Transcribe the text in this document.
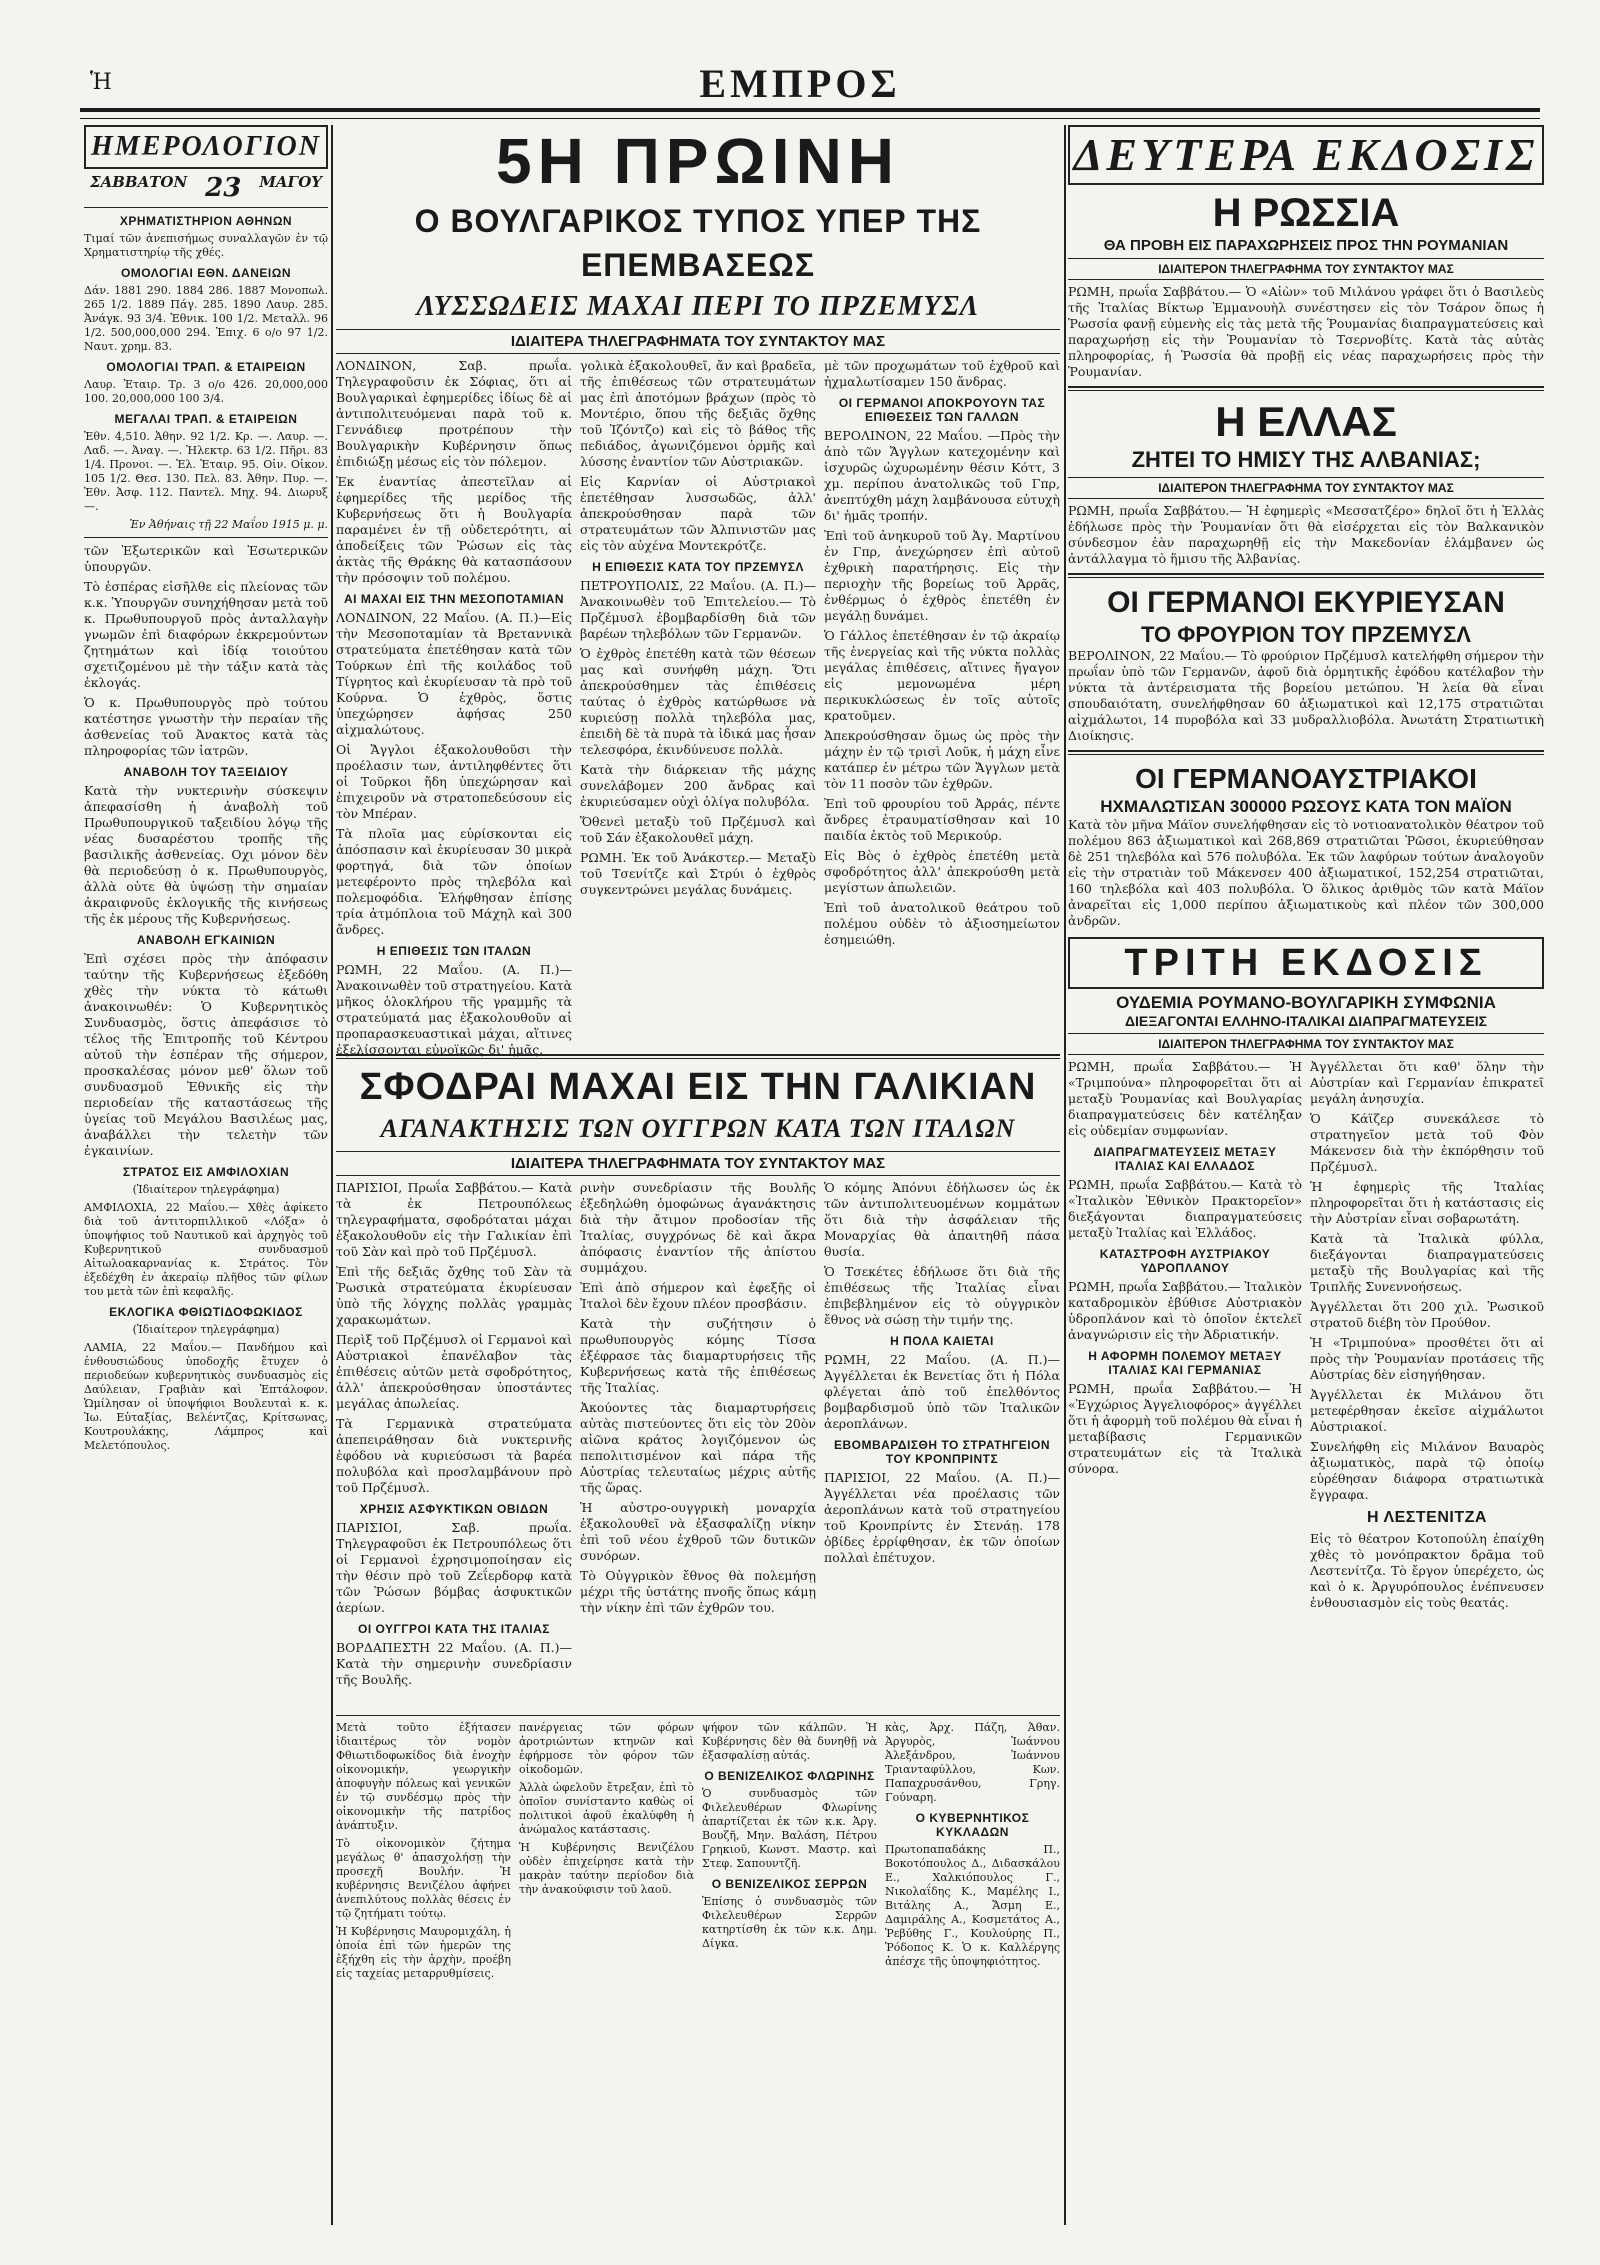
Ἡ	ΕΜΠΡΟΣ
ΗΜΕΡΟΛΟΓΙΟΝ
ΣΑΒΒΑΤΟΝ 23 ΜΑΓΟΥ
ΧΡΗΜΑΤΙΣΤΗΡΙΟΝ ΑΘΗΝΩΝ

Τιμαί τῶν ἀνεπισήμως συναλλαγῶν ἐν τῷ Χρηματιστηρίῳ τῆς χθές.

ΟΜΟΛΟΓΙΑΙ ΕΘΝ. ΔΑΝΕΙΩΝ

Δάν. 1881 290. 1884 286. 1887 Μονοπωλ. 265 1/2. 1889 Πάγ. 285. 1890 Λαυρ. 285. Ἀνάγκ. 93 3/4. Ἐθνικ. 100 1/2. Μεταλλ. 96 1/2. 500,000,000 294. Ἐπιχ. 6 ο/ο 97 1/2. Ναυτ. χρημ. 83.

ΟΜΟΛΟΓΙΑΙ ΤΡΑΠ. & ΕΤΑΙΡΕΙΩΝ

Λαυρ. Ἑταιρ. Τρ. 3 ο/ο 426. 20,000,000 100. 20,000,000 100 3/4.

ΜΕΓΑΛΑΙ ΤΡΑΠ. & ΕΤΑΙΡΕΙΩΝ

Ἐθν. 4,510. Ἀθην. 92 1/2. Κρ. —. Λαυρ. —. Λαδ. —. Ἀναγ. —. Ἠλεκτρ. 63 1/2. Πῆρι. 83 1/4. Προνοι. —. Ἐλ. Ἑταιρ. 95. Οἰν. Οἰκον. 105 1/2. Θεσ. 130. Πελ. 83. Ἀθην. Πυρ. —. Ἐθν. Ἀσφ. 112. Παντελ. Μηχ. 94. Διωρυξ —.

Ἐν Ἀθήναις τῇ 22 Μαΐου 1915 μ. μ.

τῶν Ἐξωτερικῶν καὶ Ἐσωτερικῶν ὑπουργῶν.

Τὸ ἐσπέρας εἰσῆλθε εἰς πλείονας τῶν κ.κ. Ὑπουργῶν συνηχήθησαν μετὰ τοῦ κ. Πρωθυπουργοῦ πρὸς ἀνταλλαγὴν γνωμῶν ἐπὶ διαφόρων ἐκκρεμούντων ζητημάτων καὶ ἰδίᾳ τοιούτου σχετιζομένου μὲ τὴν τάξιν κατὰ τὰς ἐκλογάς.

Ὁ κ. Πρωθυπουργὸς πρὸ τούτου κατέστησε γνωστὴν τὴν περαίαν τῆς ἀσθενείας τοῦ Ἀνακτος κατὰ τὰς πληροφορίας τῶν ἰατρῶν.

ΑΝΑΒΟΛΗ ΤΟΥ ΤΑΞΕΙΔΙΟΥ

Κατὰ τὴν νυκτερινὴν σύσκεψιν ἀπεφασίσθη ἡ ἀναβολὴ τοῦ Πρωθυπουργικοῦ ταξειδίου λόγῳ τῆς νέας δυσαρέστου τροπῆς τῆς βασιλικῆς ἀσθενείας. Οχι μόνον δὲν θὰ περιοδεύσῃ ὁ κ. Πρωθυπουργὸς, ἀλλὰ οὐτε θὰ ὑψώσῃ τὴν σημαίαν ἀκραιφνοῦς ἐκλογικῆς τῆς κινήσεως τῆς ἐκ μέρους τῆς Κυβερνήσεως.

ΑΝΑΒΟΛΗ ΕΓΚΑΙΝΙΩΝ

Ἐπὶ σχέσει πρὸς τὴν ἀπόφασιν ταύτην τῆς Κυβερνήσεως ἐξεδόθη χθὲς τὴν νύκτα τὸ κάτωθι ἀνακοινωθέν: Ὁ Κυβερνητικὸς Συνδυασμὸς, ὅστις ἀπεφάσισε τὸ τέλος τῆς Ἐπιτροπῆς τοῦ Κέντρου αὐτοῦ τὴν ἑσπέραν τῆς σήμερον, προσκαλέσας μόνον μεθ' ὅλων τοῦ συνδυασμοῦ Ἐθνικῆς εἰς τὴν περιοδείαν τῆς καταστάσεως τῆς ὑγείας τοῦ Μεγάλου Βασιλέως μας, ἀναβάλλει τὴν τελετὴν τῶν ἐγκαινίων.

ΣΤΡΑΤΟΣ ΕΙΣ ΑΜΦΙΛΟΧΙΑΝ
(Ἰδιαίτερον τηλεγράφημα)

ΑΜΦΙΛΟΧΙΑ, 22 Μαΐου.— Χθὲς ἀφίκετο διὰ τοῦ ἀντιτορπιλλικοῦ «Λόξα» ὁ ὑποψήφιος τοῦ Ναυτικοῦ καὶ ἀρχηγὸς τοῦ Κυβερνητικοῦ συνδυασμοῦ Αἰτωλοακαρνανίας κ. Στράτος. Τὸν ἐξεδέχθη ἐν ἀκεραίῳ πλῆθος τῶν φίλων του μετὰ τῶν ἐπὶ κεφαλῆς.

ΕΚΛΟΓΙΚΑ ΦΘΙΩΤΙΔΟΦΩΚΙΔΟΣ
(Ἰδιαίτερον τηλεγράφημα)

ΛΑΜΙΑ, 22 Μαΐου.— Πανδήμου καὶ ἐνθουσιώδους ὑποδοχῆς ἔτυχεν ὁ περιοδεύων κυβερνητικὸς συνδυασμὸς εἰς Δαύλειαν, Γραβιὰν καὶ Ἐπτάλοφον. Ὡμίλησαν οἱ ὑποψήφιοι Βουλευταὶ κ. κ. Ἰω. Εὐταξίας, Βελέντζας, Κρίτσωνας, Κουτρουλάκης, Λάμπρος καὶ Μελετόπουλος.

5Η ΠΡΩΙΝΗ
Ο ΒΟΥΛΓΑΡΙΚΟΣ ΤΥΠΟΣ ΥΠΕΡ ΤΗΣ ΕΠΕΜΒΑΣΕΩΣ
ΛΥΣΣΩΔΕΙΣ ΜΑΧΑΙ ΠΕΡΙ ΤΟ ΠΡΖΕΜΥΣΛ
ΙΔΙΑΙΤΕΡΑ ΤΗΛΕΓΡΑΦΗΜΑΤΑ ΤΟΥ ΣΥΝΤΑΚΤΟΥ ΜΑΣ

ΛΟΝΔΙΝΟΝ, Σαβ. πρωΐα. Τηλεγραφοῦσιν ἐκ Σόφιας, ὅτι αἱ Βουλγαρικαὶ ἐφημερίδες ἰδίως δὲ αἱ ἀντιπολιτευόμεναι παρὰ τοῦ κ. Γεννάδιεφ προτρέπουν τὴν Βουλγαρικὴν Κυβέρνησιν ὅπως ἐπιδιώξῃ μέσως εἰς τὸν πόλεμον.

Ἐκ ἐναντίας ἀπεστεῖλαν αἱ ἐφημερίδες τῆς μερίδος τῆς Κυβερνήσεως ὅτι ἡ Βουλγαρία παραμένει ἐν τῇ οὐδετερότητι, αἱ ἀποδείξεις τῶν Ῥώσων εἰς τὰς ἀκτὰς τῆς Θράκης θὰ κατασπάσουν τὴν πρόσοψιν τοῦ πολέμου.

ΑΙ ΜΑΧΑΙ ΕΙΣ ΤΗΝ ΜΕΣΟΠΟΤΑΜΙΑΝ

ΛΟΝΔΙΝΟΝ, 22 Μαΐου. (Α. Π.)—Εἰς τὴν Μεσοποταμίαν τὰ Βρεταννικὰ στρατεύματα ἐπετέθησαν κατὰ τῶν Τούρκων ἐπὶ τῆς κοιλάδος τοῦ Τίγρητος καὶ ἐκυρίευσαν τὰ πρὸ τοῦ Κούρνα. Ὁ ἐχθρὸς, ὅστις ὑπεχώρησεν ἀφήσας 250 αἰχμαλώτους.

Οἱ Ἄγγλοι ἐξακολουθοῦσι τὴν προέλασιν των, ἀντιληφθέντες ὅτι οἱ Τοῦρκοι ἤδη ὑπεχώρησαν καὶ ἐπιχειροῦν νὰ στρατοπεδεύσουν εἰς τὸν Μπέραν.

Τὰ πλοῖα μας εὑρίσκονται εἰς ἀπόσπασιν καὶ ἐκυρίευσαν 30 μικρὰ φορτηγά, διὰ τῶν ὁποίων μετεφέροντο πρὸς τηλεβόλα καὶ πολεμοφόδια. Ἐλήφθησαν ἐπίσης τρία ἀτμόπλοια τοῦ Μάχηλ καὶ 300 ἄνδρες.

Η ΕΠΙΘΕΣΙΣ ΤΩΝ ΙΤΑΛΩΝ

ΡΩΜΗ, 22 Μαΐου. (Α. Π.)—Ἀνακοινωθὲν τοῦ στρατηγείου. Κατὰ μῆκος ὁλοκλήρου τῆς γραμμῆς τὰ στρατεύματά μας ἐξακολουθοῦν αἱ προπαρασκευαστικαὶ μάχαι, αἵτινες ἐξελίσσονται εὐνοϊκῶς δι' ἡμᾶς.

γολικὰ ἐξακολουθεῖ, ἄν καὶ βραδεῖα, τῆς ἐπιθέσεως τῶν στρατευμάτων μας ἐπὶ ἀποτόμων βράχων (πρὸς τὸ Μοντέριο, ὅπου τῆς δεξιᾶς ὄχθης τοῦ Ἰζόντζο) καὶ εἰς τὸ βάθος τῆς πεδιάδος, ἀγωνιζόμενοι ὁρμῆς καὶ λύσσης ἐναντίον τῶν Αὐστριακῶν.

Εἰς Καρνίαν οἱ Αὐστριακοὶ ἐπετέθησαν λυσσωδῶς, ἀλλ' ἀπεκρούσθησαν παρὰ τῶν στρατευμάτων τῶν Ἀλπινιστῶν μας εἰς τὸν αὐχένα Μοντεκρότζε.

Η ΕΠΙΘΕΣΙΣ ΚΑΤΑ ΤΟΥ ΠΡΖΕΜΥΣΛ

ΠΕΤΡΟΥΠΟΛΙΣ, 22 Μαΐου. (Α. Π.)—Ἀνακοινωθὲν τοῦ Ἐπιτελείου.— Τὸ Πρζέμυσλ ἐβομβαρδίσθη διὰ τῶν βαρέων τηλεβόλων τῶν Γερμανῶν.

Ὁ ἐχθρὸς ἐπετέθη κατὰ τῶν θέσεων μας καὶ συνήφθη μάχη. Ὅτι ἀπεκρούσθημεν τὰς ἐπιθέσεις ταύτας ὁ ἐχθρὸς κατώρθωσε νὰ κυριεύσῃ πολλὰ τηλεβόλα μας, ἐπειδὴ δὲ τὰ πυρὰ τὰ ἰδικά μας ἦσαν τελεσφόρα, ἐκινδύνευσε πολλὰ.

Κατὰ τὴν διάρκειαν τῆς μάχης συνελάβομεν 200 ἄνδρας καὶ ἐκυριεύσαμεν οὐχὶ ὀλίγα πολυβόλα.

Ὅθενεὶ μεταξὺ τοῦ Πρζέμυσλ καὶ τοῦ Σάν ἐξακολουθεῖ μάχη.

ΡΩΜΗ. Ἐκ τοῦ Ἀνάκστερ.— Μεταξὺ τοῦ Τσενίτζε καὶ Στρύι ὁ ἐχθρὸς συγκεντρώνει μεγάλας δυνάμεις.

μὲ τῶν προχωμάτων τοῦ ἐχθροῦ καὶ ἠχμαλωτίσαμεν 150 ἄνδρας.

ΟΙ ΓΕΡΜΑΝΟΙ ΑΠΟΚΡΟΥΟΥΝ ΤΑΣ ΕΠΙΘΕΣΕΙΣ ΤΩΝ ΓΑΛΛΩΝ

ΒΕΡΟΛΙΝΟΝ, 22 Μαΐου. —Πρὸς τὴν ἀπὸ τῶν Ἄγγλων κατεχομένην καὶ ἰσχυρῶς ὠχυρωμένην θέσιν Κόττ, 3 χμ. περίπου ἀνατολικῶς τοῦ Γπρ, ἀνεπτύχθη μάχη λαμβάνουσα εὐτυχὴ δι' ἡμᾶς τροπήν.

Ἐπὶ τοῦ ἀνηκυροῦ τοῦ Ἀγ. Μαρτίνου ἐν Γπρ, ἀνεχώρησεν ἐπὶ αὐτοῦ ἐχθρικὴ παρατήρησις. Εἰς τὴν περιοχὴν τῆς βορείως τοῦ Ἀρρᾶς, ἐνθέρμως ὁ ἐχθρὸς ἐπετέθη ἐν μεγάλῃ δυνάμει.

Ὁ Γάλλος ἐπετέθησαν ἐν τῷ ἀκραίῳ τῆς ἐνεργείας καὶ τῆς νύκτα πολλὰς μεγάλας ἐπιθέσεις, αἵτινες ἤγαγον εἰς μεμονωμένα μέρη περικυκλώσεως ἐν τοῖς αὐτοῖς κρατοῦμεν.

Ἀπεκρούσθησαν ὅμως ὡς πρὸς τὴν μάχην ἐν τῷ τρισὶ Λοῦκ, ἡ μάχη εἶνε κατάπερ ἐν μέτρω τῶν Ἄγγλων μετὰ τὸν 11 ποσὸν τῶν ἐχθρῶν.

Ἐπὶ τοῦ φρουρίου τοῦ Ἀρράς, πέντε ἄνδρες ἐτραυματίσθησαν καὶ 10 παιδία ἐκτὸς τοῦ Μερικούρ.

Εἰς Βὸς ὁ ἐχθρὸς ἐπετέθη μετὰ σφοδρότητος ἀλλ' ἀπεκρούσθη μετὰ μεγίστων ἀπωλειῶν.

Ἐπὶ τοῦ ἀνατολικοῦ θεάτρου τοῦ πολέμου οὐδὲν τὸ ἀξιοσημείωτον ἐσημειώθη.

ΣΦΟΔΡΑΙ ΜΑΧΑΙ ΕΙΣ ΤΗΝ ΓΑΛΙΚΙΑΝ
ΑΓΑΝΑΚΤΗΣΙΣ ΤΩΝ ΟΥΓΓΡΩΝ ΚΑΤΑ ΤΩΝ ΙΤΑΛΩΝ
ΙΔΙΑΙΤΕΡΑ ΤΗΛΕΓΡΑΦΗΜΑΤΑ ΤΟΥ ΣΥΝΤΑΚΤΟΥ ΜΑΣ

ΠΑΡΙΣΙΟΙ, Πρωΐα Σαββάτου.— Κατὰ τὰ ἐκ Πετρουπόλεως τηλεγραφήματα, σφοδρόταται μάχαι ἐξακολουθοῦν εἰς τὴν Γαλικίαν ἐπὶ τοῦ Σὰν καὶ πρὸ τοῦ Πρζέμυσλ.

Ἐπὶ τῆς δεξιᾶς ὄχθης τοῦ Σὰν τὰ Ῥωσικὰ στρατεύματα ἐκυρίευσαν ὑπὸ τῆς λόγχης πολλὰς γραμμὰς χαρακωμάτων.

Περὶξ τοῦ Πρζέμυσλ οἱ Γερμανοὶ καὶ Αὐστριακοὶ ἐπανέλαβον τὰς ἐπιθέσεις αὐτῶν μετὰ σφοδρότητος, ἀλλ' ἀπεκρούσθησαν ὑποστάντες μεγάλας ἀπωλείας.

Τὰ Γερμανικὰ στρατεύματα ἀπεπειράθησαν διὰ νυκτερινῆς ἐφόδου νὰ κυριεύσωσι τὰ βαρέα πολυβόλα καὶ προσλαμβάνουν πρὸ τοῦ Πρζέμυσλ.

ΧΡΗΣΙΣ ΑΣΦΥΚΤΙΚΩΝ ΟΒΙΔΩΝ

ΠΑΡΙΣΙΟΙ, Σαβ. πρωΐα. Τηλεγραφοῦσι ἐκ Πετρουπόλεως ὅτι οἱ Γερμανοὶ ἐχρησιμοποίησαν εἰς τὴν θέσιν πρὸ τοῦ Ζεΐερδορφ κατὰ τῶν Ῥώσων βόμβας ἀσφυκτικῶν ἀερίων.

ΟΙ ΟΥΓΓΡΟΙ ΚΑΤΑ ΤΗΣ ΙΤΑΛΙΑΣ

ΒΟΡΔΑΠΕΣΤΗ 22 Μαΐου. (Α. Π.)—Κατὰ τὴν σημερινὴν συνεδρίασιν τῆς Βουλῆς.

ρινὴν συνεδρίασιν τῆς Βουλῆς ἐξεδηλώθη ὁμοφώνως ἀγανάκτησις διὰ τὴν ἄτιμον προδοσίαν τῆς Ἰταλίας, συγχρόνως δὲ καὶ ἄκρα ἀπόφασις ἐναντίον τῆς ἀπίστου συμμάχου.

Ἐπὶ ἀπὸ σήμερον καὶ ἐφεξῆς οἱ Ἰταλοὶ δὲν ἔχουν πλέον προσβάσιν.

Κατὰ τὴν συζήτησιν ὁ πρωθυπουργὸς κόμης Τίσσα ἐξέφρασε τὰς διαμαρτυρήσεις τῆς Κυβερνήσεως κατὰ τῆς ἐπιθέσεως τῆς Ἰταλίας.

Ἀκούοντες τὰς διαμαρτυρήσεις αὐτὰς πιστεύοντες ὅτι εἰς τὸν 20ὸν αἰῶνα κράτος λογιζόμενον ὡς πεπολιτισμένον καὶ πάρα τῆς Αὐστρίας τελευταίως μέχρις αὐτῆς τῆς ὥρας.

Ἡ αὐστρο-ουγγρικὴ μοναρχία ἐξακολουθεῖ νὰ ἐξασφαλίζῃ νίκην ἐπὶ τοῦ νέου ἐχθροῦ τῶν δυτικῶν συνόρων.

Τὸ Οὐγγρικὸν ἔθνος θὰ πολεμήσῃ μέχρι τῆς ὑστάτης πνοῆς ὅπως κάμῃ τὴν νίκην ἐπὶ τῶν ἐχθρῶν του.

Ὁ κόμης Ἀπόνυι ἐδήλωσεν ὡς ἐκ τῶν ἀντιπολιτευομένων κομμάτων ὅτι διὰ τὴν ἀσφάλειαν τῆς Μοναρχίας θὰ ἀπαιτηθῆ πάσα θυσία.

Ὁ Τσεκέτες ἐδήλωσε ὅτι διὰ τῆς ἐπιθέσεως τῆς Ἰταλίας εἶναι ἐπιβεβλημένον εἰς τὸ οὐγγρικὸν ἔθνος νὰ σώσῃ τὴν τιμήν της.

Η ΠΟΛΑ ΚΑΙΕΤΑΙ

ΡΩΜΗ, 22 Μαΐου. (Α. Π.)—Ἀγγέλλεται ἐκ Βενετίας ὅτι ἡ Πόλα φλέγεται ἀπὸ τοῦ ἐπελθόντος βομβαρδισμοῦ ὑπὸ τῶν Ἰταλικῶν ἀεροπλάνων.

ΕΒΟΜΒΑΡΔΙΣΘΗ ΤΟ ΣΤΡΑΤΗΓΕΙΟΝ ΤΟΥ ΚΡΟΝΠΡΙΝΤΣ

ΠΑΡΙΣΙΟΙ, 22 Μαΐου. (Α. Π.)—Ἀγγέλλεται νέα προέλασις τῶν ἀεροπλάνων κατὰ τοῦ στρατηγείου τοῦ Κρονπρίντς ἐν Στενάῃ. 178 ὀβίδες ἐρρίφθησαν, ἐκ τῶν ὁποίων πολλαὶ ἐπέτυχον.

Μετὰ τοῦτο ἐξήτασεν ἰδιαιτέρως τὸν νομὸν Φθιωτιδοφωκίδος διὰ ἐνοχὴν οἰκονομικήν, γεωργικὴν ἀποφυγὴν πόλεως καὶ γενικῶν ἐν τῷ συνδέσμῳ πρὸς τὴν οἰκονομικὴν τῆς πατρίδος ἀνάπτυξιν.

Τὸ οἰκονομικὸν ζήτημα μεγάλως θ' ἀπασχολήσῃ τὴν προσεχῆ Βουλήν. Ἡ κυβέρνησις Βενιζέλου ἀφήνει ἀνεπιλύτους πολλὰς θέσεις ἐν τῷ ζητήματι τούτῳ.

Ἡ Κυβέρνησις Μαυρομιχάλη, ἡ ὁποία ἐπὶ τῶν ἡμερῶν της ἐξήχθη εἰς τὴν ἀρχὴν, προέβη εἰς ταχείας μεταρρυθμίσεις.

πανέργειας τῶν φόρων ἀροτριώντων κτηνῶν καὶ ἐφήρμοσε τὸν φόρον τῶν οἰκοδομῶν.

Ἀλλὰ ὠφελοῦν ἔτρεξαν, ἐπὶ τὸ ὁποῖον συνίσταντο καθὼς οἱ πολιτικοὶ ἀφοῦ ἐκαλύφθη ἡ ἀνώμαλος κατάστασις.

Ἡ Κυβέρνησις Βενιζέλου οὐδὲν ἐπιχείρησε κατὰ τὴν μακρὰν ταύτην περίοδον διὰ τὴν ἀνακούφισιν τοῦ λαοῦ.

ψήφον τῶν κάλπῶν. Ἡ Κυβέρνησις δὲν θὰ δυνηθῇ νὰ ἐξασφαλίσῃ αὐτάς.

Ο ΒΕΝΙΖΕΛΙΚΟΣ ΦΛΩΡΙΝΗΣ

Ὁ συνδυασμὸς τῶν Φιλελευθέρων Φλωρίνης ἀπαρτίζεται ἐκ τῶν κ.κ. Ἀργ. Βουζῆ, Μην. Βαλάση, Πέτρου Γρηκιοῦ, Κωνστ. Μαστρ. καὶ Στεφ. Σαπουντζῆ.

Ο ΒΕΝΙΖΕΛΙΚΟΣ ΣΕΡΡΩΝ

Ἐπίσης ὁ συνδυασμὸς τῶν Φιλελευθέρων Σερρῶν κατηρτίσθη ἐκ τῶν κ.κ. Δημ. Δίγκα.

κὰς, Ἀρχ. Πάζη, Ἀθαν. Ἀργυρὸς, Ἰωάννου Ἀλεξάνδρου, Ἰωάννου Τριανταφύλλου, Κων. Παπαχρυσάνθου, Γρηγ. Γούναρη.

Ο ΚΥΒΕΡΝΗΤΙΚΟΣ ΚΥΚΛΑΔΩΝ

Πρωτοπαπαδάκης Π., Βοκοτόπουλος Δ., Διδασκάλου Ε., Χαλκιόπουλος Γ., Νικολαΐδης Κ., Μαμέλης Ι., Βιτάλης Α., Ἄσμη Ε., Δαμιράλης Α., Κοσμετάτος Α., Ῥεβύθης Γ., Κουλούρης Π., Ῥόδοπος Κ. Ὁ κ. Καλλέργης ἀπέσχε τῆς ὑποψηφιότητος.

ΔΕΥΤΕΡΑ ΕΚΔΟΣΙΣ
Η ΡΩΣΣΙΑ
ΘΑ ΠΡΟΒΗ ΕΙΣ ΠΑΡΑΧΩΡΗΣΕΙΣ ΠΡΟΣ ΤΗΝ ΡΟΥΜΑΝΙΑΝ
ΙΔΙΑΙΤΕΡΟΝ ΤΗΛΕΓΡΑΦΗΜΑ ΤΟΥ ΣΥΝΤΑΚΤΟΥ ΜΑΣ

ΡΩΜΗ, πρωΐα Σαββάτου.— Ὁ «Αἰὼν» τοῦ Μιλάνου γράφει ὅτι ὁ Βασιλεὺς τῆς Ἰταλίας Βίκτωρ Ἐμμανουὴλ συνέστησεν εἰς τὸν Τσάρον ὅπως ἡ Ῥωσσία φανῇ εὐμενὴς εἰς τὰς μετὰ τῆς Ῥουμανίας διαπραγματεύσεις καὶ παραχωρήσῃ εἰς τὴν Ῥουμανίαν τὸ Τσερνοβίτς. Κατὰ τὰς αὐτὰς πληροφορίας, ἡ Ῥωσσία θὰ προβῇ εἰς νέας παραχωρήσεις πρὸς τὴν Ῥουμανίαν.

Η ΕΛΛΑΣ
ΖΗΤΕΙ ΤΟ ΗΜΙΣΥ ΤΗΣ ΑΛΒΑΝΙΑΣ;
ΙΔΙΑΙΤΕΡΟΝ ΤΗΛΕΓΡΑΦΗΜΑ ΤΟΥ ΣΥΝΤΑΚΤΟΥ ΜΑΣ

ΡΩΜΗ, πρωΐα Σαββάτου.— Ἡ ἐφημερὶς «Μεσσατζέρο» δηλοῖ ὅτι ἡ Ἑλλὰς ἐδήλωσε πρὸς τὴν Ῥουμανίαν ὅτι θὰ εἰσέρχεται εἰς τὸν Βαλκανικὸν σύνδεσμον ἐὰν παραχωρηθῇ εἰς τὴν Μακεδονίαν ἐλάμβανεν ὡς ἀντάλλαγμα τὸ ἥμισυ τῆς Ἀλβανίας.

ΟΙ ΓΕΡΜΑΝΟΙ ΕΚΥΡΙΕΥΣΑΝ
ΤΟ ΦΡΟΥΡΙΟΝ ΤΟΥ ΠΡΖΕΜΥΣΛ

ΒΕΡΟΛΙΝΟΝ, 22 Μαΐου.— Τὸ φρούριον Πρζέμυσλ κατελήφθη σήμερον τὴν πρωΐαν ὑπὸ τῶν Γερμανῶν, ἀφοῦ διὰ ὁρμητικῆς ἐφόδου κατέλαβον τὴν νύκτα τὰ ἀντέρεισματα τῆς βορείου μετώπου. Ἡ λεία θὰ εἶναι σπουδαιότατη, συνελήφθησαν 60 ἀξιωματικοὶ καὶ 12,175 στρατιῶται αἰχμάλωτοι, 14 πυροβόλα καὶ 33 μυδραλλιοβόλα. Ἀνωτάτη Στρατιωτικὴ Διοίκησις.

ΟΙ ΓΕΡΜΑΝΟΑΥΣΤΡΙΑΚΟΙ
ΗΧΜΑΛΩΤΙΣΑΝ 300000 ΡΩΣΟΥΣ ΚΑΤΑ ΤΟΝ ΜΑΪΟΝ

Κατὰ τὸν μῆνα Μάϊον συνελήφθησαν εἰς τὸ νοτιοανατολικὸν θέατρον τοῦ πολέμου 863 ἀξιωματικοὶ καὶ 268,869 στρατιῶται Ῥῶσοι, ἐκυριεύθησαν δὲ 251 τηλεβόλα καὶ 576 πολυβόλα. Ἐκ τῶν λαφύρων τούτων ἀναλογοῦν εἰς τὴν στρατιὰν τοῦ Μάκενσεν 400 ἀξιωματικοί, 152,254 στρατιῶται, 160 τηλεβόλα καὶ 403 πολυβόλα. Ὁ ὅλικος ἀριθμὸς τῶν κατὰ Μάϊον ἀναρεῖται εἰς 1,000 περίπου ἀξιωματικοὺς καὶ πλέον τῶν 300,000 ἀνδρῶν.

ΤΡΙΤΗ ΕΚΔΟΣΙΣ
ΟΥΔΕΜΙΑ ΡΟΥΜΑΝΟ-ΒΟΥΛΓΑΡΙΚΗ ΣΥΜΦΩΝΙΑ
ΔΙΕΞΑΓΟΝΤΑΙ ΕΛΛΗΝΟ-ΙΤΑΛΙΚΑΙ ΔΙΑΠΡΑΓΜΑΤΕΥΣΕΙΣ
ΙΔΙΑΙΤΕΡΟΝ ΤΗΛΕΓΡΑΦΗΜΑ ΤΟΥ ΣΥΝΤΑΚΤΟΥ ΜΑΣ

ΡΩΜΗ, πρωΐα Σαββάτου.— Ἡ «Τριμπούνα» πληροφορεῖται ὅτι αἱ μεταξὺ Ῥουμανίας καὶ Βουλγαρίας διαπραγματεύσεις δὲν κατέληξαν εἰς οὐδεμίαν συμφωνίαν.

ΔΙΑΠΡΑΓΜΑΤΕΥΣΕΙΣ ΜΕΤΑΞΥ ΙΤΑΛΙΑΣ ΚΑΙ ΕΛΛΑΔΟΣ

ΡΩΜΗ, πρωΐα Σαββάτου.— Κατὰ τὸ «Ἰταλικὸν Ἐθνικὸν Πρακτορεῖον» διεξάγονται διαπραγματεύσεις μεταξὺ Ἰταλίας καὶ Ἑλλάδος.

ΚΑΤΑΣΤΡΟΦΗ ΑΥΣΤΡΙΑΚΟΥ ΥΔΡΟΠΛΑΝΟΥ

ΡΩΜΗ, πρωΐα Σαββάτου.— Ἰταλικὸν καταδρομικὸν ἐβύθισε Αὐστριακὸν ὑδροπλάνον καὶ τὸ ὁποῖον ἐκτελεῖ ἀναγνώρισιν εἰς τὴν Ἀδριατικήν.

Η ΑΦΟΡΜΗ ΠΟΛΕΜΟΥ ΜΕΤΑΞΥ ΙΤΑΛΙΑΣ ΚΑΙ ΓΕΡΜΑΝΙΑΣ

ΡΩΜΗ, πρωΐα Σαββάτου.— Ἡ «Ἐγχώριος Ἀγγελιοφόρος» ἀγγέλλει ὅτι ἡ ἀφορμὴ τοῦ πολέμου θὰ εἶναι ἡ μεταβίβασις Γερμανικῶν στρατευμάτων εἰς τὰ Ἰταλικὰ σύνορα.

Ἀγγέλλεται ὅτι καθ' ὅλην τὴν Αὐστρίαν καὶ Γερμανίαν ἐπικρατεῖ μεγάλη ἀνησυχία.

Ὁ Κάϊζερ συνεκάλεσε τὸ στρατηγεῖον μετὰ τοῦ Φὸν Μάκενσεν διὰ τὴν ἐκπόρθησιν τοῦ Πρζέμυσλ.

Ἡ ἐφημερὶς τῆς Ἰταλίας πληροφορεῖται ὅτι ἡ κατάστασις εἰς τὴν Αὐστρίαν εἶναι σοβαρωτάτη.

Κατὰ τὰ Ἰταλικὰ φύλλα, διεξάγονται διαπραγματεύσεις μεταξὺ τῆς Βουλγαρίας καὶ τῆς Τριπλῆς Συνεννοήσεως.

Ἀγγέλλεται ὅτι 200 χιλ. Ῥωσικοῦ στρατοῦ διέβη τὸν Προύθον.

Ἡ «Τριμπούνα» προσθέτει ὅτι αἱ πρὸς τὴν Ῥουμανίαν προτάσεις τῆς Αὐστρίας δὲν εἰσηγήθησαν.

Ἀγγέλλεται ἐκ Μιλάνου ὅτι μετεφέρθησαν ἐκεῖσε αἰχμάλωτοι Αὐστριακοί.

Συνελήφθη εἰς Μιλάνον Βαυαρὸς ἀξιωματικὸς, παρὰ τῷ ὁποίῳ εὑρέθησαν διάφορα στρατιωτικὰ ἔγγραφα.

Η ΛΕΣΤΕΝΙΤΖΑ

Εἰς τὸ θέατρον Κοτοπούλη ἐπαίχθη χθὲς τὸ μονόπρακτον δρᾶμα τοῦ Λεστενίτζα. Τὸ ἔργον ὑπερέχετο, ὡς καὶ ὁ κ. Ἀργυρόπουλος ἐνέπνευσεν ἐνθουσιασμὸν εἰς τοὺς θεατάς.
